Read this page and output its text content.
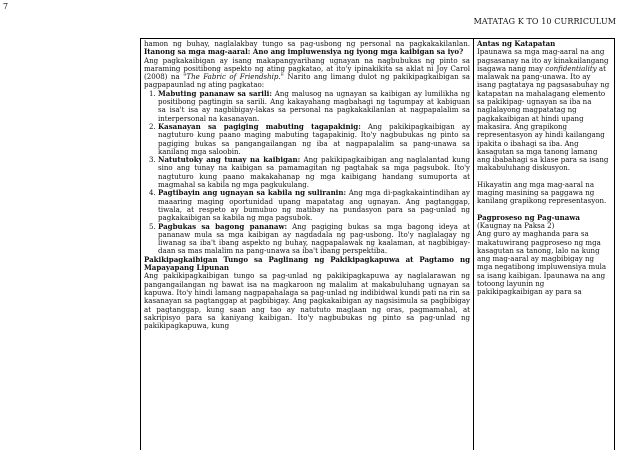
7
MATATAG K TO 10 CURRICULUM

hamon ng buhay, naglalakbay tungo sa pag-usbong ng personal na pagkakakilanlan. Itanong sa mga mag-aaral: Ano ang impluwensiya ng iyong mga kaibigan sa iyo?

Ang pagkakaibigan ay isang makapangyarihang ugnayan na nagbubukas ng pinto sa maraming positibong aspekto ng ating pagkatao, at ito'y ipinakikita sa aklat ni Joy Carol (2008) na "The Fabric of Friendship." Narito ang limang dulot ng pakikipagkaibigan sa pagpapaunlad ng ating pagkatao:

1. Mabuting pananaw sa sarili: Ang malusog na ugnayan sa kaibigan ay lumilikha ng positibong pagtingin sa sarili. Ang kakayahang magbahagi ng tagumpay at kabiguan sa isa't isa ay nagbibigay-lakas sa personal na pagkakakilanlan at nagpapalalim sa interpersonal na kasanayan.
2. Kasanayan sa pagiging mabuting tagapakinig: Ang pakikipagkaibigan ay nagtuturo kung paano maging mabuting tagapakinig. Ito'y nagbubukas ng pinto sa pagiging bukas sa pangangailangan ng iba at nagpapalalim sa pang-unawa sa kanilang mga saloobin.
3. Natututoky ang tunay na kaibigan: Ang pakikipagkaibigan ang naglalantad kung sino ang tunay na kaibigan sa pamamagitan ng pagtahak sa mga pagsubok. Ito'y nagtuturo kung paano makakahanap ng mga kaibigang handang sumuporta at magmahal sa kabila ng mga pagkukulang.
4. Pagtibayin ang ugnayan sa kabila ng suliranin: Ang mga di-pagkakaintindihan ay maaaring maging oportunidad upang mapatatag ang ugnayan. Ang pagtanggap, tiwala, at respeto ay bumubuo ng matibay na pundasyon para sa pag-unlad ng pagkakaibigan sa kabila ng mga pagsubok.
5. Pagbukas sa bagong pananaw: Ang pagiging bukas sa mga bagong ideya at pananaw mula sa mga kaibigan ay nagdadala ng pag-usbong. Ito'y naglalagay ng liwanag sa iba't ibang aspekto ng buhay, nagpapalawak ng kaalaman, at nagbibigay-daan sa mas malalim na pang-unawa sa iba't ibang perspektiba.

Pakikipagkaibigan Tungo sa Paglinang ng Pakikipagkapuwa at Pagtamo ng Mapayapang Lipunan

Ang pakikipagkaibigan tungo sa pag-unlad ng pakikipagkapuwa ay naglalarawan ng pangangailangan ng bawat isa na magkaroon ng malalim at makabuluhang ugnayan sa kapuwa. Ito'y hindi lamang nagpapahalaga sa pag-unlad ng indibidwal kundi pati na rin sa kasanayan sa pagtanggap at pagbibigay. Ang pagkakaibigan ay nagsisimula sa pagbibigay at pagtanggap, kung saan ang tao ay natututo maglaan ng oras, pagmamahal, at sakripisyo para sa kaniyang kaibigan. Ito'y nagbubukas ng pinto sa pag-unlad ng pakikipagkapuwa, kung

Antas ng Katapatan

Ipaunawa sa mga mag-aaral na ang pagsasanay na ito ay kinakailangang isagawa nang may confidentiality at malawak na pang-unawa. Ito ay isang pagtataya ng pagsasabuhay ng katapatan na mahalagang elemento sa pakikipag- ugnayan sa iba na naglalayong magpatatag ng pagkakaibigan at hindi upang makasira. Ang grapikong representasyon ay hindi kailangang ipakita o ibahagi sa iba. Ang kasagutan sa mga tanong lamang ang ibabahagi sa klase para sa isang makabuluhang diskusyon.

Hikayatin ang mga mag-aaral na maging masining sa paggawa ng kanilang grapikong representasyon.

Pagproseso ng Pag-unawa

(Kaugnay na Paksa 2)

Ang guro ay maghanda para sa makatuwirang pagproseso ng mga kasagutan sa tanong, lalo na kung ang mag-aaral ay magbibigay ng mga negatibong impluwensiya mula sa isang kaibigan. Ipaunawa na ang totoong layunin ng pakikipagkaibigan ay para sa
